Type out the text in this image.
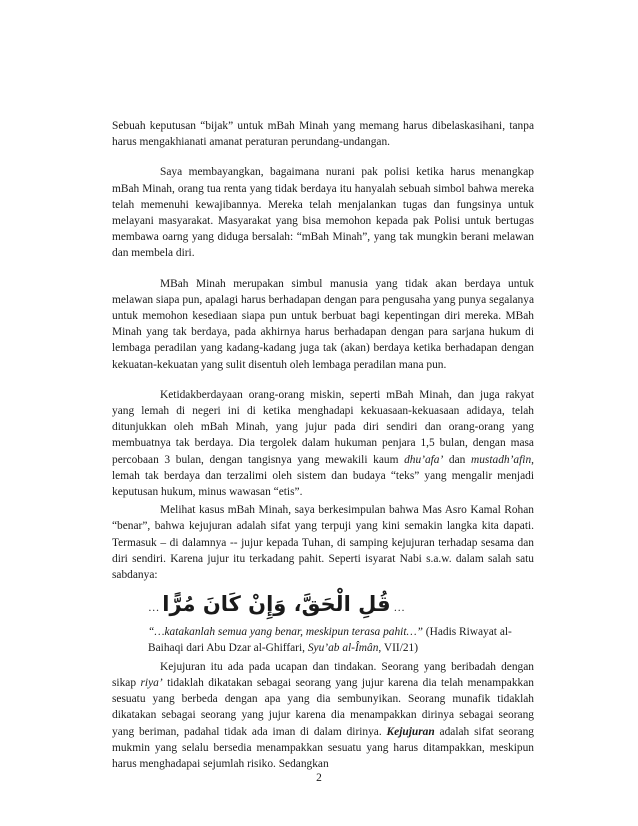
Sebuah keputusan “bijak” untuk mBah Minah yang memang harus dibelaskasihani, tanpa harus mengakhianati amanat peraturan perundang-undangan.

Saya membayangkan, bagaimana nurani pak polisi ketika harus menangkap mBah Minah, orang tua renta yang tidak berdaya itu hanyalah sebuah simbol bahwa mereka telah memenuhi kewajibannya. Mereka telah menjalankan tugas dan fungsinya untuk melayani masyarakat. Masyarakat yang bisa memohon kepada pak Polisi untuk bertugas membawa oarng yang diduga bersalah: “mBah Minah”, yang tak mungkin berani melawan dan membela diri.

MBah Minah merupakan simbul manusia yang tidak akan berdaya untuk melawan siapa pun, apalagi harus berhadapan dengan para pengusaha yang punya segalanya untuk memohon kesediaan siapa pun untuk berbuat bagi kepentingan diri mereka. MBah Minah yang tak berdaya, pada akhirnya harus berhadapan dengan para sarjana hukum di lembaga peradilan yang kadang-kadang juga tak (akan) berdaya ketika berhadapan dengan kekuatan-kekuatan yang sulit disentuh oleh lembaga peradilan mana pun.

Ketidakberdayaan orang-orang miskin, seperti mBah Minah, dan juga rakyat yang lemah di negeri ini di ketika menghadapi kekuasaan-kekuasaan adidaya, telah ditunjukkan oleh mBah Minah, yang jujur pada diri sendiri dan orang-orang yang membuatnya tak berdaya. Dia tergolek dalam hukuman penjara 1,5 bulan, dengan masa percobaan 3 bulan, dengan tangisnya yang mewakili kaum dhu’afa’ dan mustadh’afin, lemah tak berdaya dan terzalimi oleh sistem dan budaya “teks” yang mengalir menjadi keputusan hukum, minus wawasan “etis”.

Melihat kasus mBah Minah, saya berkesimpulan bahwa Mas Asro Kamal Rohan “benar”, bahwa kejujuran adalah sifat yang terpuji yang kini semakin langka kita dapati. Termasuk – di dalamnya -- jujur kepada Tuhan, di samping kejujuran terhadap sesama dan diri sendiri. Karena jujur itu terkadang pahit. Seperti isyarat Nabi s.a.w. dalam salah satu sabdanya:

… قُلِ الْحَقَّ، وَإِنْ كَانَ مُرًّا …

“…katakanlah semua yang benar, meskipun terasa pahit…” (Hadis Riwayat al-Baihaqi dari Abu Dzar al-Ghiffari, Syu’ab al-Îmân, VII/21)

Kejujuran itu ada pada ucapan dan tindakan. Seorang yang beribadah dengan sikap riya’ tidaklah dikatakan sebagai seorang yang jujur karena dia telah menampakkan sesuatu yang berbeda dengan apa yang dia sembunyikan. Seorang munafik tidaklah dikatakan sebagai seorang yang jujur karena dia menampakkan dirinya sebagai seorang yang beriman, padahal tidak ada iman di dalam dirinya. Kejujuran adalah sifat seorang mukmin yang selalu bersedia menampakkan sesuatu yang harus ditampakkan, meskipun harus menghadapai sejumlah risiko. Sedangkan

2
